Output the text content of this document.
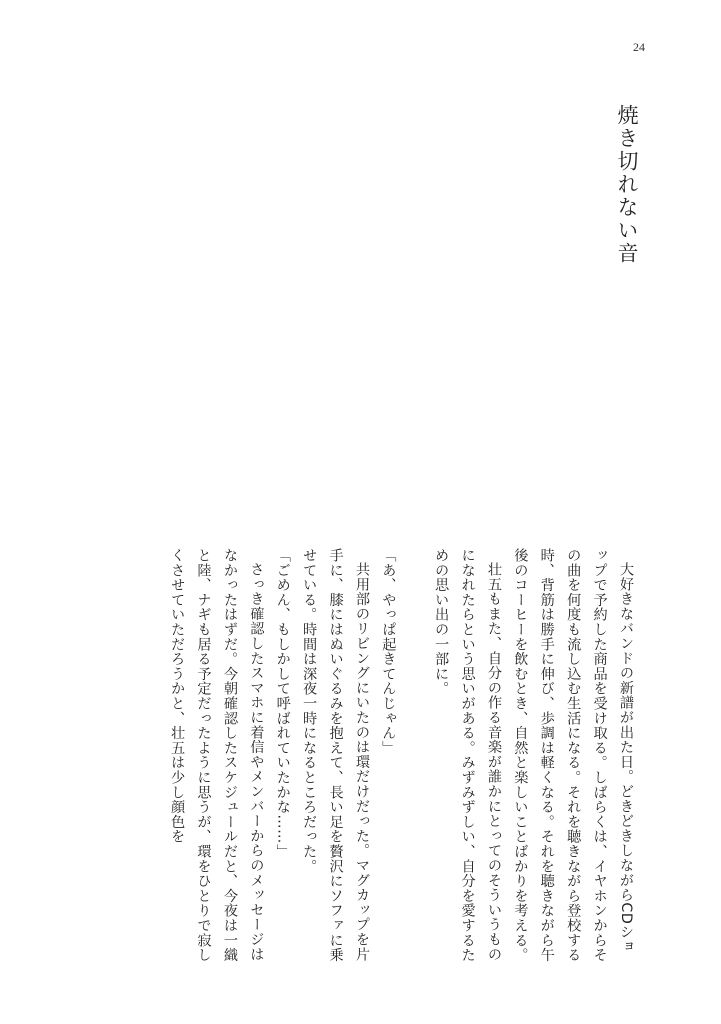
24
焼き切れない音

大好きなバンドの新譜が出た日。どきどきしながらCDショップで予約した商品を受け取る。しばらくは、イヤホンからその曲を何度も流し込む生活になる。それを聴きながら登校する時、背筋は勝手に伸び、歩調は軽くなる。それを聴きながら午後のコーヒーを飲むとき、自然と楽しいことばかりを考える。

壮五もまた、自分の作る音楽が誰かにとってのそういうものになれたらという思いがある。みずみずしい、自分を愛するための思い出の一部に。

「あ、やっぱ起きてんじゃん」

共用部のリビングにいたのは環だけだった。マグカップを片手に、膝にはぬいぐるみを抱えて、長い足を贅沢にソファに乗せている。時間は深夜一時になるところだった。

「ごめん、もしかして呼ばれていたかな……」

さっき確認したスマホに着信やメンバーからのメッセージはなかったはずだ。今朝確認したスケジュールだと、今夜は一織と陸、ナギも居る予定だったように思うが、環をひとりで寂しくさせていただろうかと、壮五は少し顔色を
